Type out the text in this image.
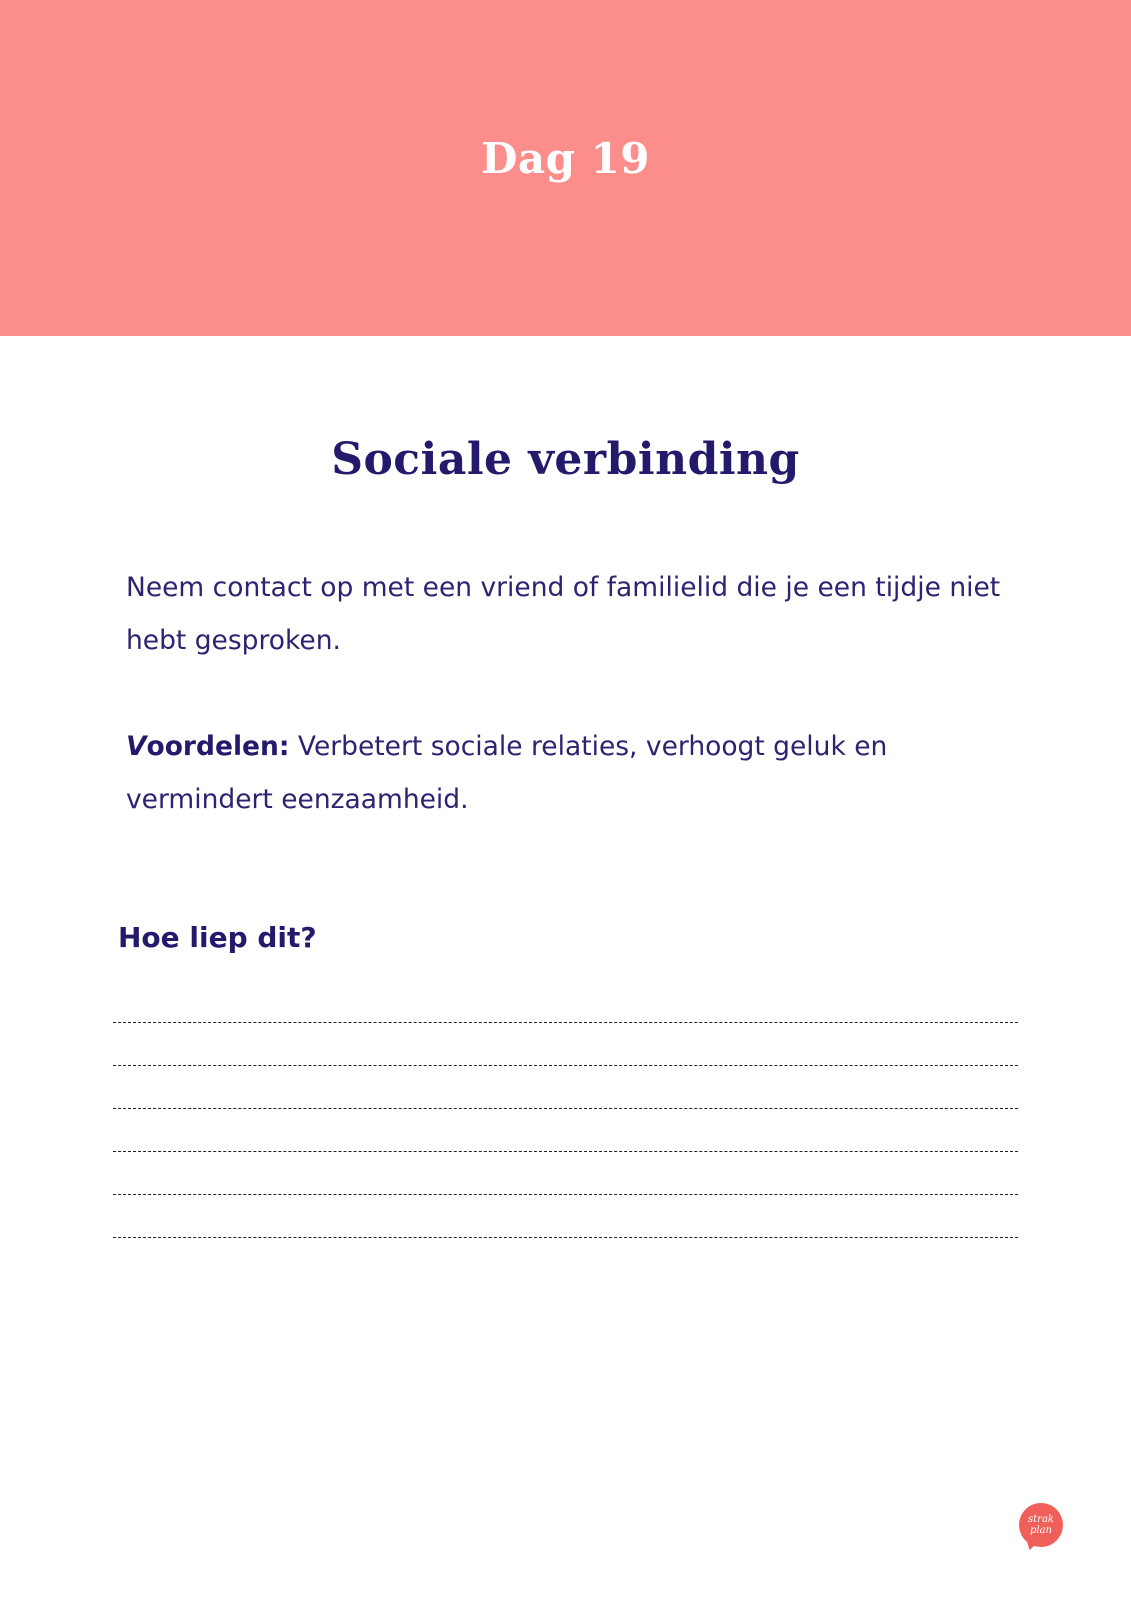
Dag 19
Sociale verbinding

Neem contact op met een vriend of familielid die je een tijdje niet hebt gesproken.

Voordelen: Verbetert sociale relaties, verhoogt geluk en vermindert eenzaamheid.

Hoe liep dit?
strak
plan
